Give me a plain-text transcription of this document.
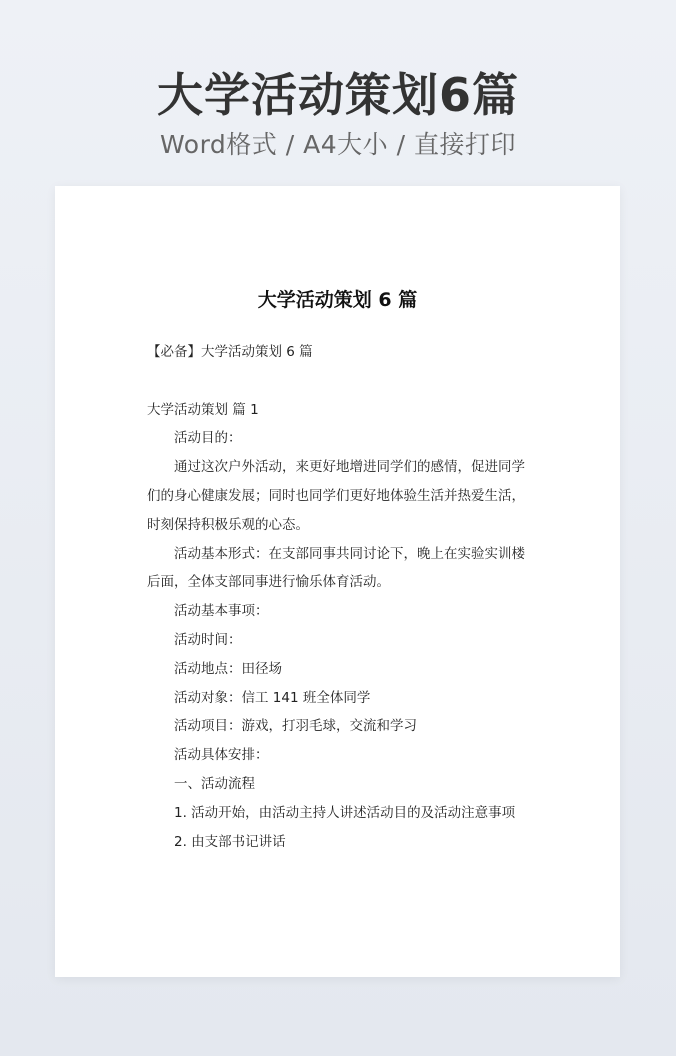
大学活动策划6篇
Word格式 / A4大小 / 直接打印
大学活动策划 6 篇

【必备】大学活动策划 6 篇

大学活动策划 篇 1

活动目的：

通过这次户外活动，来更好地增进同学们的感情，促进同学们的身心健康发展；同时也同学们更好地体验生活并热爱生活，时刻保持积极乐观的心态。

活动基本形式：在支部同事共同讨论下，晚上在实验实训楼后面，全体支部同事进行愉乐体育活动。

活动基本事项：

活动时间：

活动地点：田径场

活动对象：信工 141 班全体同学

活动项目：游戏，打羽毛球，交流和学习

活动具体安排：

一、活动流程

1. 活动开始，由活动主持人讲述活动目的及活动注意事项

2. 由支部书记讲话
